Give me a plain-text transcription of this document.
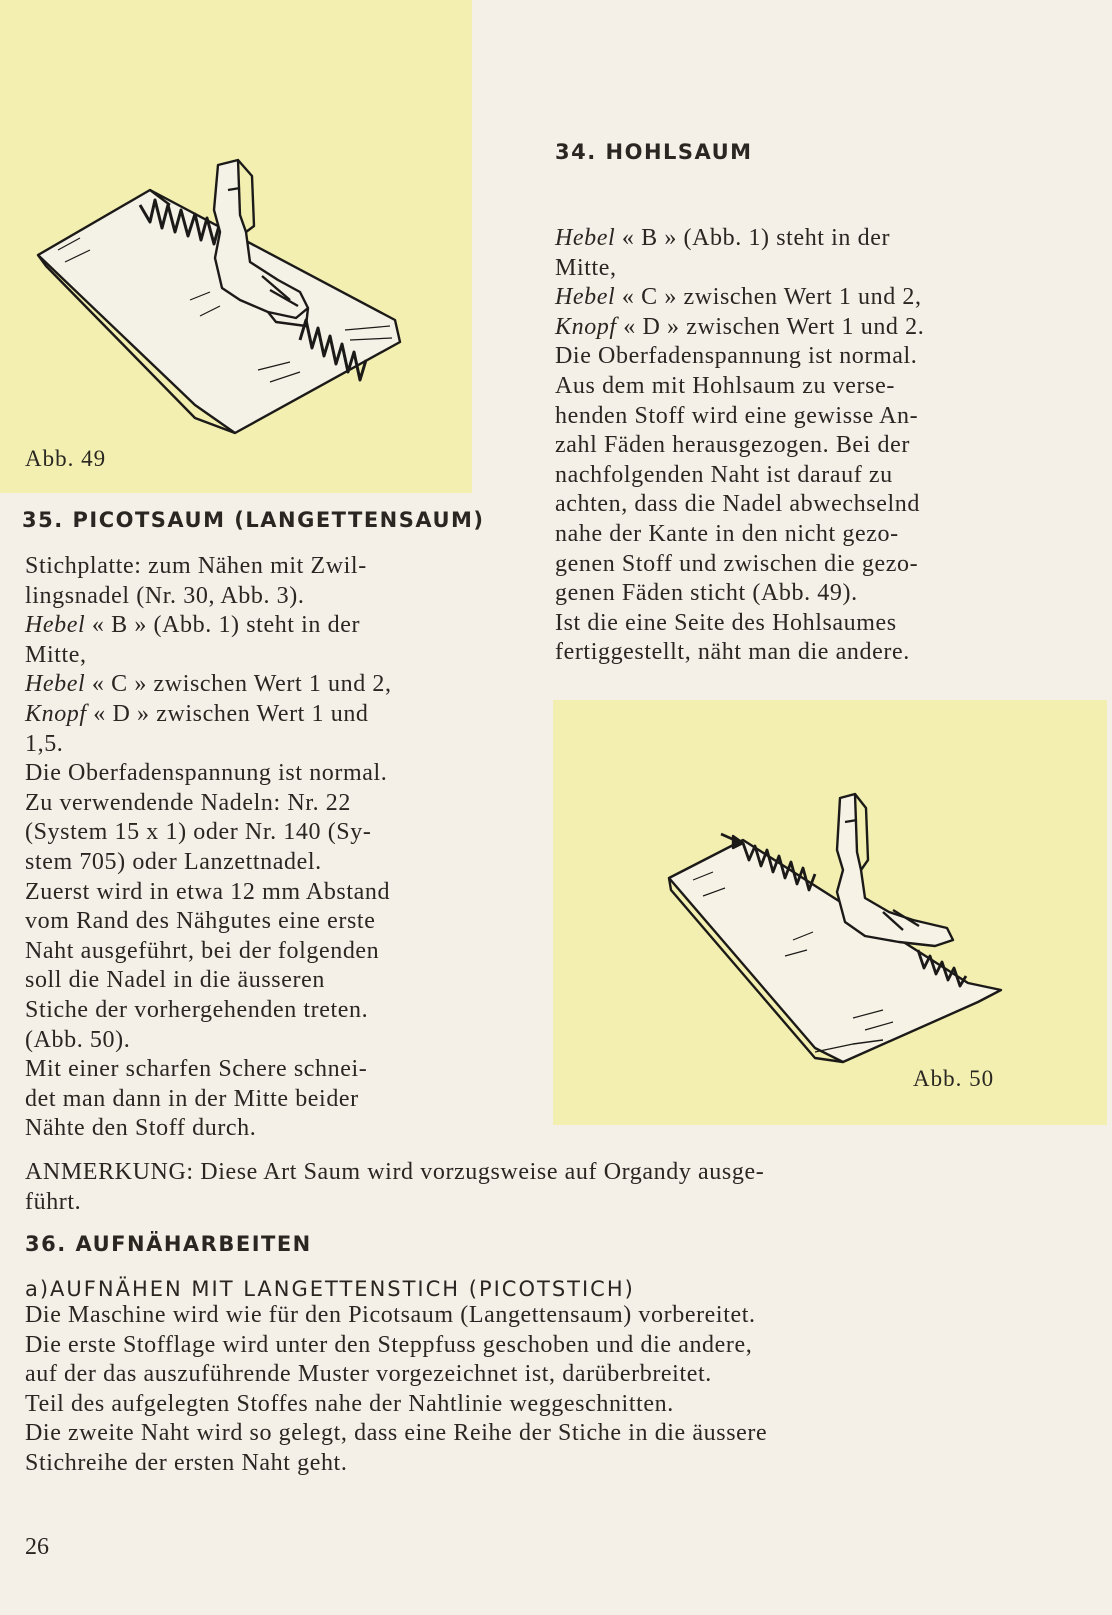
Abb. 49
34. HOHLSAUM
Hebel « B » (Abb. 1) steht in der
Mitte,
Hebel « C » zwischen Wert 1 und 2,
Knopf « D » zwischen Wert 1 und 2.
Die Oberfadenspannung ist normal.
Aus dem mit Hohlsaum zu verse-
henden Stoff wird eine gewisse An-
zahl Fäden herausgezogen. Bei der
nachfolgenden Naht ist darauf zu
achten, dass die Nadel abwechselnd
nahe der Kante in den nicht gezo-
genen Stoff und zwischen die gezo-
genen Fäden sticht (Abb. 49).
Ist die eine Seite des Hohlsaumes
fertiggestellt, näht man die andere.
35. PICOTSAUM (LANGETTENSAUM)
Stichplatte: zum Nähen mit Zwil-
lingsnadel (Nr. 30, Abb. 3).
Hebel « B » (Abb. 1) steht in der
Mitte,
Hebel « C » zwischen Wert 1 und 2,
Knopf « D » zwischen Wert 1 und
1,5.
Die Oberfadenspannung ist normal.
Zu verwendende Nadeln: Nr. 22
(System 15 x 1) oder Nr. 140 (Sy-
stem 705) oder Lanzettnadel.
Zuerst wird in etwa 12 mm Abstand
vom Rand des Nähgutes eine erste
Naht ausgeführt, bei der folgenden
soll die Nadel in die äusseren
Stiche der vorhergehenden treten.
(Abb. 50).
Mit einer scharfen Schere schnei-
det man dann in der Mitte beider
Nähte den Stoff durch.
Abb. 50
ANMERKUNG: Diese Art Saum wird vorzugsweise auf Organdy ausge-
führt.
36. AUFNÄHARBEITEN
a)AUFNÄHEN MIT LANGETTENSTICH (PICOTSTICH)
Die Maschine wird wie für den Picotsaum (Langettensaum) vorbereitet.
Die erste Stofflage wird unter den Steppfuss geschoben und die andere,
auf der das auszuführende Muster vorgezeichnet ist, darüberbreitet.
Teil des aufgelegten Stoffes nahe der Nahtlinie weggeschnitten.
Die zweite Naht wird so gelegt, dass eine Reihe der Stiche in die äussere
Stichreihe der ersten Naht geht.
26
